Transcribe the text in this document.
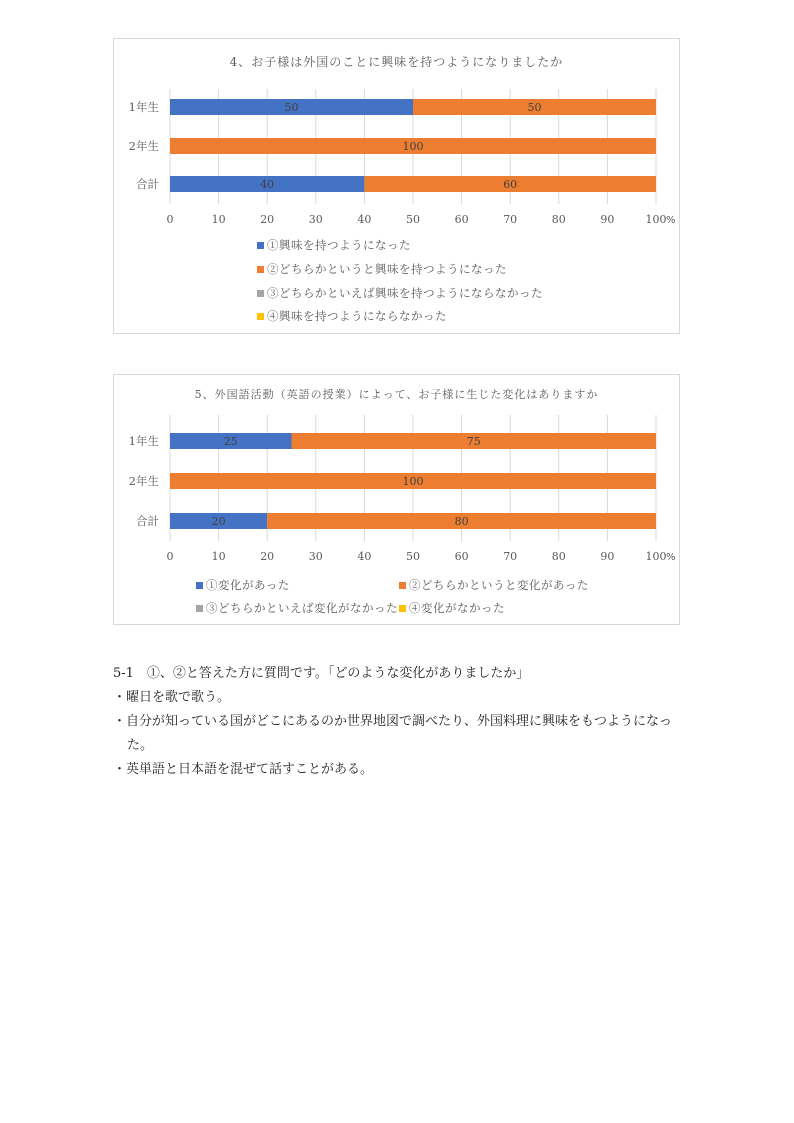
4、お子様は外国のことに興味を持つようになりましたか
0	10	20	30	40	50	60	70	80	90	100 %
1年生	50	50
2年生	100
合計	40	60
①興味を持つようになった
②どちらかというと興味を持つようになった
③どちらかといえば興味を持つようにならなかった
④興味を持つようにならなかった
5、外国語活動（英語の授業）によって、お子様に生じた変化はありますか
0	10	20	30	40	50	60	70	80	90	100 %
1年生	25	75
2年生	100
合計	20	80
①変化があった	②どちらかというと変化があった
③どちらかといえば変化がなかった ④変化がなかった

5-1　①、②と答えた方に質問です。「どのような変化がありましたか」

・曜日を歌で歌う。

・自分が知っている国がどこにあるのか世界地図で調べたり、外国料理に興味をもつようになった。

・英単語と日本語を混ぜて話すことがある。
